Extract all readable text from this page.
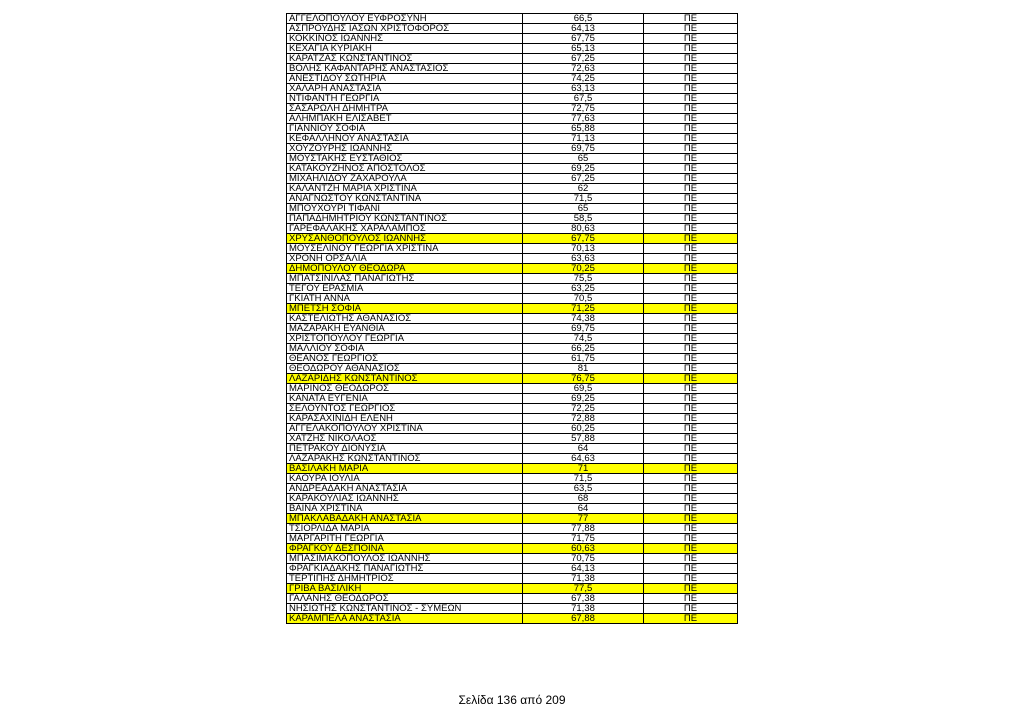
ΑΓΓΕΛΟΠΟΥΛΟΥ ΕΥΦΡΟΣΥΝΗ	66,5	ΠΕ
ΑΣΠΡΟΥΔΗΣ ΙΑΣΩΝ ΧΡΙΣΤΟΦΟΡΟΣ	64,13	ΠΕ
ΚΟΚΚΙΝΟΣ ΙΩΑΝΝΗΣ	67,75	ΠΕ
ΚΕΧΑΓΙΑ ΚΥΡΙΑΚΗ	65,13	ΠΕ
ΚΑΡΑΤΖΑΣ ΚΩΝΣΤΑΝΤΙΝΟΣ	67,25	ΠΕ
ΒΟΛΗΣ ΚΑΦΑΝΤΑΡΗΣ ΑΝΑΣΤΑΣΙΟΣ	72,63	ΠΕ
ΑΝΕΣΤΙΔΟΥ ΣΩΤΗΡΙΑ	74,25	ΠΕ
ΧΑΛΑΡΗ ΑΝΑΣΤΑΣΙΑ	63,13	ΠΕ
ΝΤΙΦΑΝΤΗ ΓΕΩΡΓΙΑ	67,5	ΠΕ
ΣΑΣΑΡΩΛΗ ΔΗΜΗΤΡΑ	72,75	ΠΕ
ΑΛΗΜΠΑΚΗ ΕΛΙΣΑΒΕΤ	77,63	ΠΕ
ΓΙΑΝΝΙΟΥ ΣΟΦΙΑ	65,88	ΠΕ
ΚΕΦΑΛΛΗΝΟΥ ΑΝΑΣΤΑΣΙΑ	71,13	ΠΕ
ΧΟΥΖΟΥΡΗΣ ΙΩΑΝΝΗΣ	69,75	ΠΕ
ΜΟΥΣΤΑΚΗΣ ΕΥΣΤΑΘΙΟΣ	65	ΠΕ
ΚΑΤΑΚΟΥΖΗΝΟΣ ΑΠΟΣΤΟΛΟΣ	69,25	ΠΕ
ΜΙΧΑΗΛΙΔΟΥ ΖΑΧΑΡΟΥΛΑ	67,25	ΠΕ
ΚΑΛΑΝΤΖΗ ΜΑΡΙΑ ΧΡΙΣΤΙΝΑ	62	ΠΕ
ΑΝΑΓΝΩΣΤΟΥ ΚΩΝΣΤΑΝΤΙΝΑ	71,5	ΠΕ
ΜΠΟΥΧΟΥΡΙ ΤΙΦΑΝΙ	65	ΠΕ
ΠΑΠΑΔΗΜΗΤΡΙΟΥ ΚΩΝΣΤΑΝΤΙΝΟΣ	58,5	ΠΕ
ΓΑΡΕΦΑΛΑΚΗΣ ΧΑΡΑΛΑΜΠΟΣ	80,63	ΠΕ
ΧΡΥΣΑΝΘΟΠΟΥΛΟΣ ΙΩΑΝΝΗΣ	67,75	ΠΕ
ΜΟΥΣΕΛΙΝΟΥ ΓΕΩΡΓΙΑ ΧΡΙΣΤΙΝΑ	70,13	ΠΕ
ΧΡΟΝΗ ΟΡΣΑΛΙΑ	63,63	ΠΕ
ΔΗΜΟΠΟΥΛΟΥ ΘΕΟΔΩΡΑ	70,25	ΠΕ
ΜΠΑΤΣΙΝΙΛΑΣ ΠΑΝΑΓΙΩΤΗΣ	75,5	ΠΕ
ΤΕΓΟΥ ΕΡΑΣΜΙΑ	63,25	ΠΕ
ΓΚΙΑΤΗ ΑΝΝΑ	70,5	ΠΕ
ΜΠΕΤΣΗ ΣΟΦΙΑ	71,25	ΠΕ
ΚΑΣΤΕΛΙΩΤΗΣ ΑΘΑΝΑΣΙΟΣ	74,38	ΠΕ
ΜΑΖΑΡΑΚΗ ΕΥΑΝΘΙΑ	69,75	ΠΕ
ΧΡΙΣΤΟΠΟΥΛΟΥ ΓΕΩΡΓΙΑ	74,5	ΠΕ
ΜΑΛΛΙΟΥ ΣΟΦΙΑ	66,25	ΠΕ
ΘΕΑΝΟΣ ΓΕΩΡΓΙΟΣ	61,75	ΠΕ
ΘΕΟΔΩΡΟΥ ΑΘΑΝΑΣΙΟΣ	81	ΠΕ
ΛΑΖΑΡΙΔΗΣ ΚΩΝΣΤΑΝΤΙΝΟΣ	76,75	ΠΕ
ΜΑΡΙΝΟΣ ΘΕΟΔΩΡΟΣ	69,5	ΠΕ
ΚΑΝΑΤΑ ΕΥΓΕΝΙΑ	69,25	ΠΕ
ΣΕΛΟΥΝΤΟΣ ΓΕΩΡΓΙΟΣ	72,25	ΠΕ
ΚΑΡΑΣΑΧΙΝΙΔΗ ΕΛΕΝΗ	72,88	ΠΕ
ΑΓΓΕΛΑΚΟΠΟΥΛΟΥ ΧΡΙΣΤΙΝΑ	60,25	ΠΕ
ΧΑΤΖΗΣ ΝΙΚΟΛΑΟΣ	57,88	ΠΕ
ΠΕΤΡΑΚΟΥ ΔΙΟΝΥΣΙΑ	64	ΠΕ
ΛΑΖΑΡΑΚΗΣ ΚΩΝΣΤΑΝΤΙΝΟΣ	64,63	ΠΕ
ΒΑΣΙΛΑΚΗ ΜΑΡΙΑ	71	ΠΕ
ΚΑΟΥΡΑ ΙΟΥΛΙΑ	71,5	ΠΕ
ΑΝΔΡΕΑΔΑΚΗ ΑΝΑΣΤΑΣΙΑ	63,5	ΠΕ
ΚΑΡΑΚΟΥΛΙΑΣ ΙΩΑΝΝΗΣ	68	ΠΕ
ΒΑΙΝΑ ΧΡΙΣΤΙΝΑ	64	ΠΕ
ΜΠΑΚΛΑΒΑΔΑΚΗ ΑΝΑΣΤΑΣΙΑ	77	ΠΕ
ΤΣΙΟΡΛΙΔΑ ΜΑΡΙΑ	77,88	ΠΕ
ΜΑΡΓΑΡΙΤΗ ΓΕΩΡΓΙΑ	71,75	ΠΕ
ΦΡΑΓΚΟΥ ΔΕΣΠΟΙΝΑ	60,63	ΠΕ
ΜΠΑΣΙΜΑΚΟΠΟΥΛΟΣ ΙΩΑΝΝΗΣ	70,75	ΠΕ
ΦΡΑΓΚΙΑΔΑΚΗΣ ΠΑΝΑΓΙΩΤΗΣ	64,13	ΠΕ
ΤΕΡΤΙΠΗΣ ΔΗΜΗΤΡΙΟΣ	71,38	ΠΕ
ΓΡΙΒΑ ΒΑΣΙΛΙΚΗ	77,5	ΠΕ
ΓΑΛΑΝΗΣ ΘΕΟΔΩΡΟΣ	67,38	ΠΕ
ΝΗΣΙΩΤΗΣ ΚΩΝΣΤΑΝΤΙΝΟΣ - ΣΥΜΕΩΝ	71,38	ΠΕ
ΚΑΡΑΜΠΕΛΑ ΑΝΑΣΤΑΣΙΑ	67,88	ΠΕ
Σελίδα 136 από 209
